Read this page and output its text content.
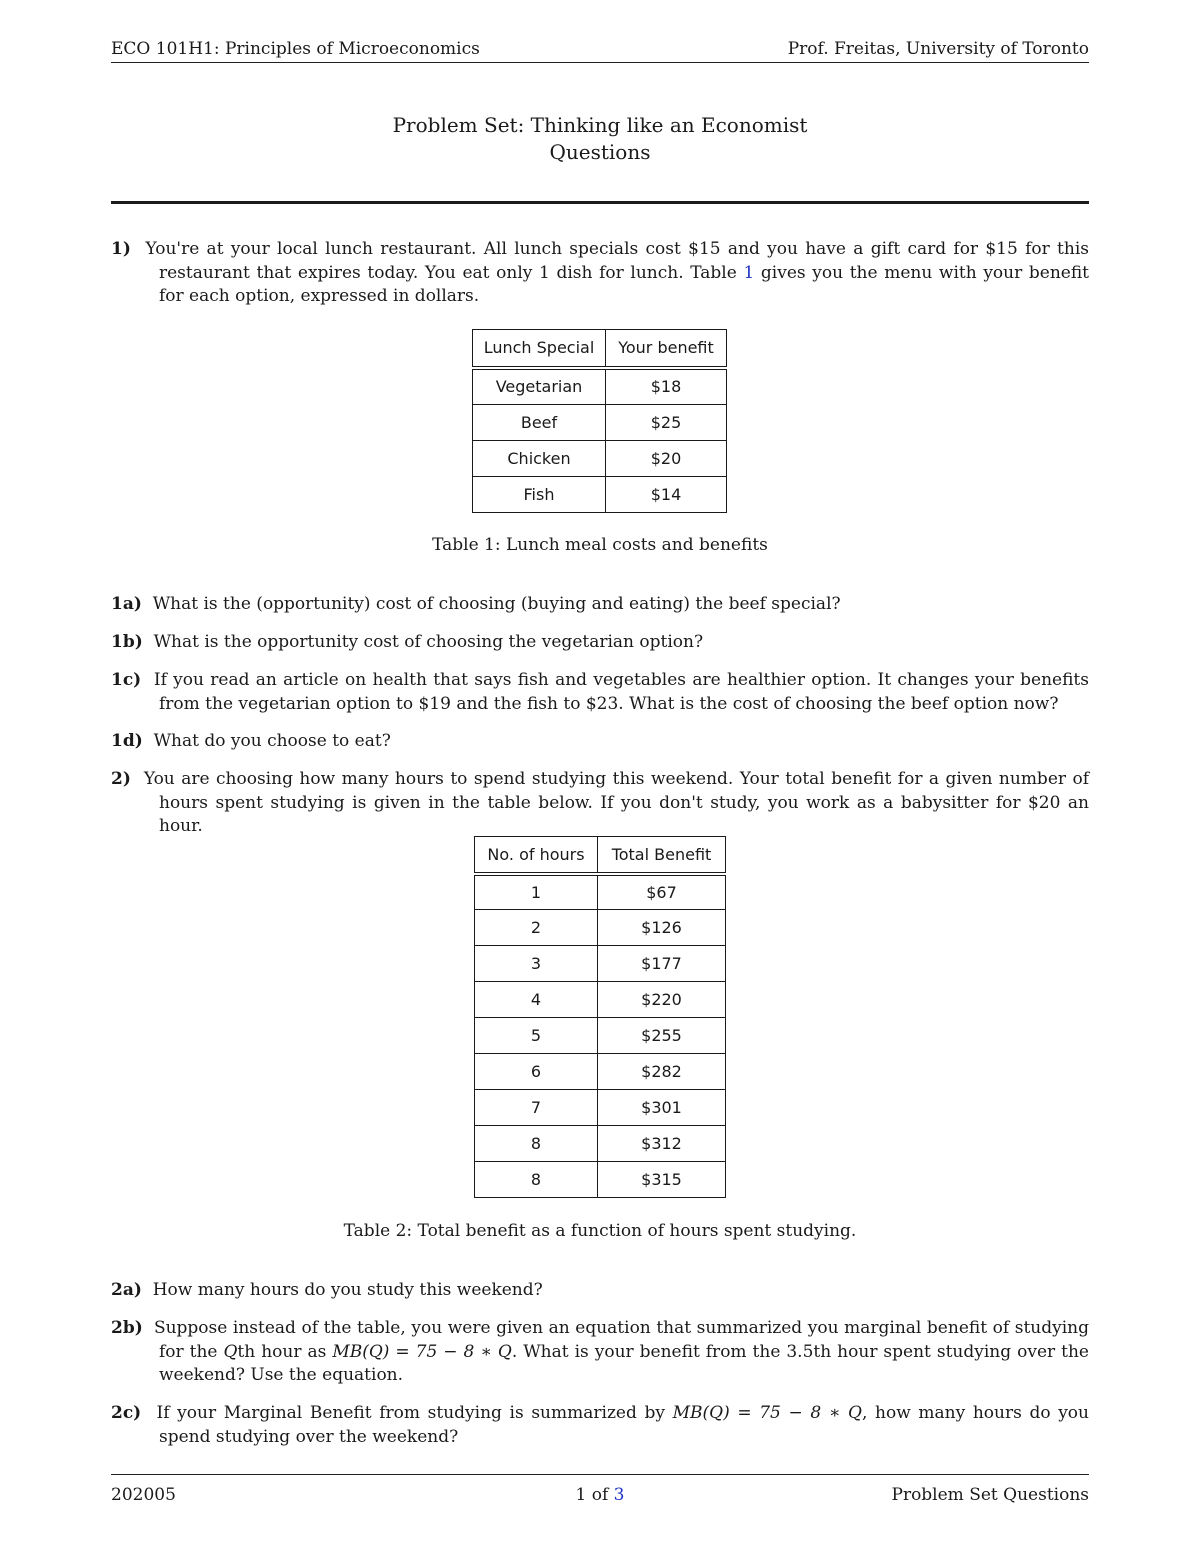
ECO 101H1: Principles of Microeconomics	Prof. Freitas, University of Toronto
Problem Set: Thinking like an Economist
Questions
1) You're at your local lunch restaurant. All lunch specials cost $15 and you have a gift card for $15 for this restaurant that expires today. You eat only 1 dish for lunch. Table 1 gives you the menu with your benefit for each option, expressed in dollars.
Lunch Special	Your benefit
Vegetarian	$18
Beef	$25
Chicken	$20
Fish	$14
Table 1: Lunch meal costs and benefits
1a) What is the (opportunity) cost of choosing (buying and eating) the beef special?
1b) What is the opportunity cost of choosing the vegetarian option?
1c) If you read an article on health that says fish and vegetables are healthier option. It changes your benefits from the vegetarian option to $19 and the fish to $23. What is the cost of choosing the beef option now?
1d) What do you choose to eat?
2) You are choosing how many hours to spend studying this weekend. Your total benefit for a given number of hours spent studying is given in the table below. If you don't study, you work as a babysitter for $20 an hour.
No. of hours	Total Benefit
1	$67
2	$126
3	$177
4	$220
5	$255
6	$282
7	$301
8	$312
8	$315
Table 2: Total benefit as a function of hours spent studying.
2a) How many hours do you study this weekend?
2b) Suppose instead of the table, you were given an equation that summarized you marginal benefit of studying for the Qth hour as MB(Q) = 75 − 8 ∗ Q. What is your benefit from the 3.5th hour spent studying over the weekend? Use the equation.
2c) If your Marginal Benefit from studying is summarized by MB(Q) = 75 − 8 ∗ Q, how many hours do you spend studying over the weekend?
202005	1 of 3	Problem Set Questions
